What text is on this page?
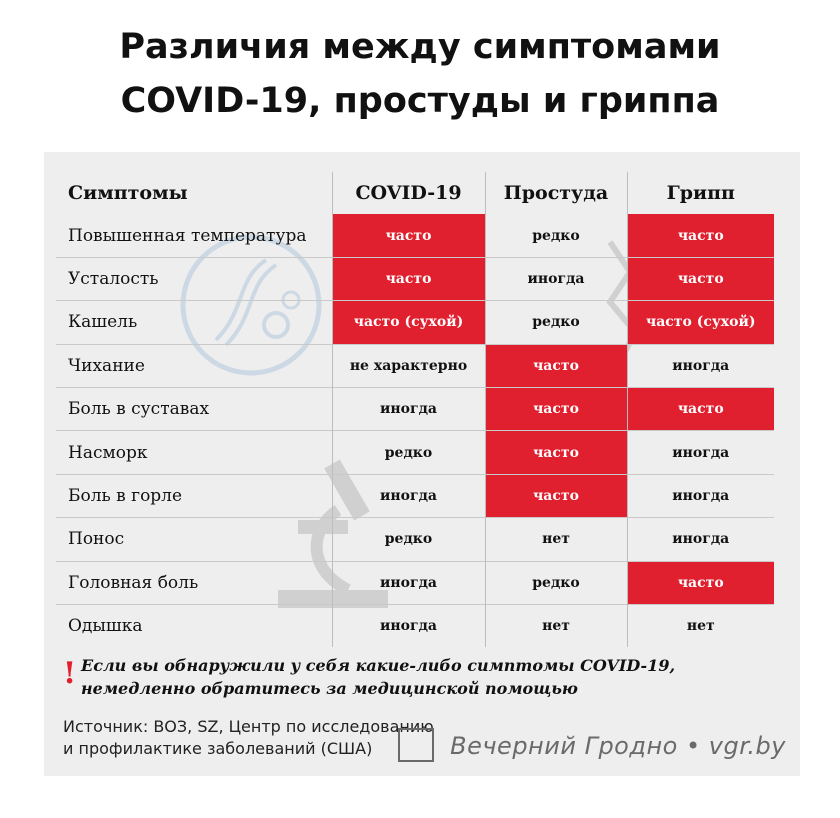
Различия между симптомами
COVID-19, простуды и гриппа
Симптомы	COVID-19	Простуда	Грипп
Повышенная температура	часто	редко	часто
Усталость	часто	иногда	часто
Кашель	часто (сухой)	редко	часто (сухой)
Чихание	не характерно	часто	иногда
Боль в суставах	иногда	часто	часто
Насморк	редко	часто	иногда
Боль в горле	иногда	часто	иногда
Понос	редко	нет	иногда
Головная боль	иногда	редко	часто
Одышка	иногда	нет	нет
! Если вы обнаружили у себя какие-либо симптомы COVID-19,
немедленно обратитесь за медицинской помощью
Источник: ВОЗ, SZ, Центр по исследованию
и профилактике заболеваний (США)	Вечерний Гродно • vgr.by
